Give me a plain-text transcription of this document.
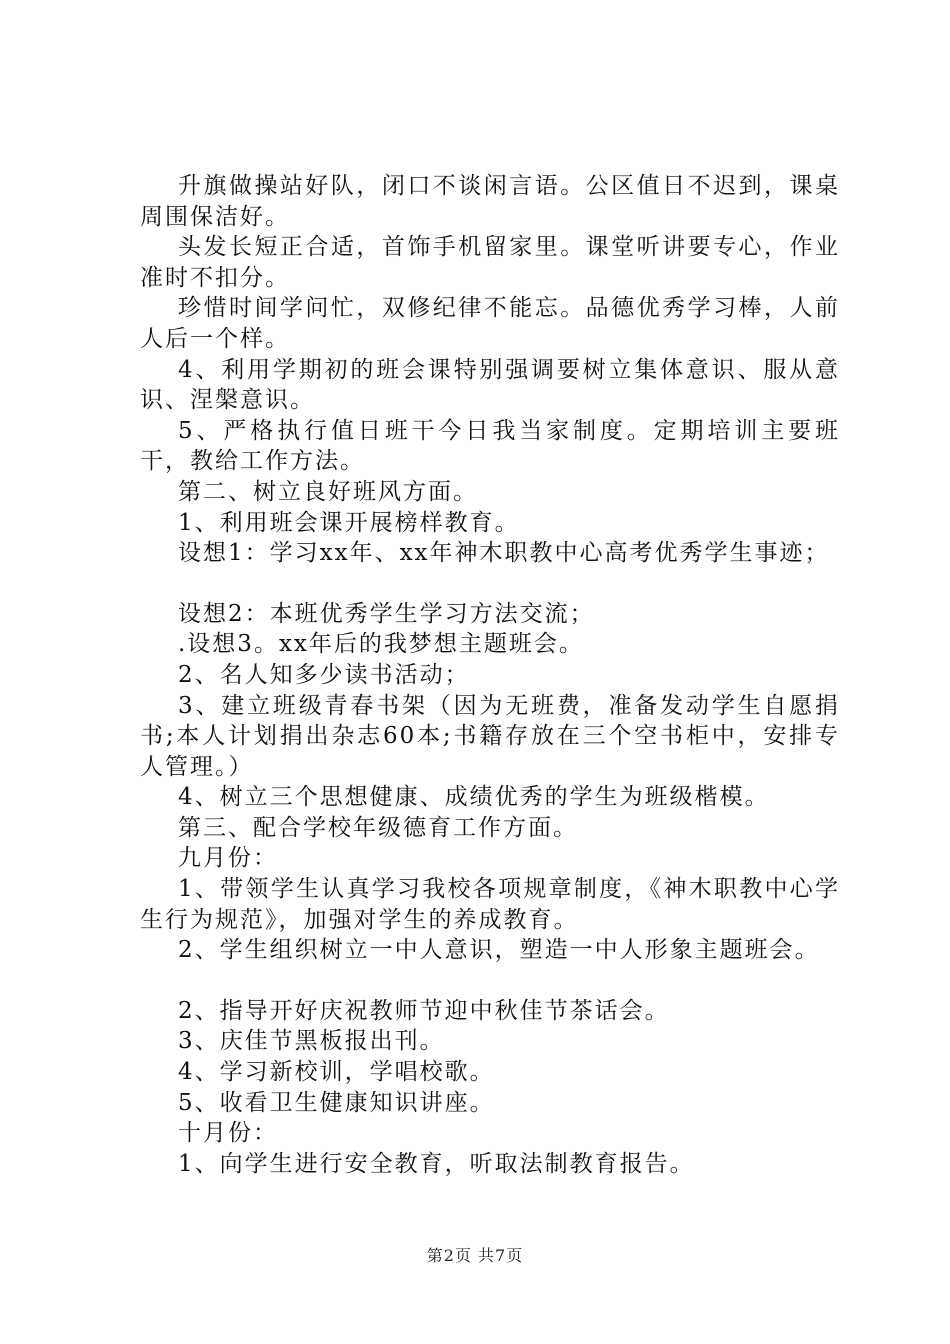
升旗做操站好队，闭口不谈闲言语。公区值日不迟到，课桌周围保洁好。

头发长短正合适，首饰手机留家里。课堂听讲要专心，作业准时不扣分。

珍惜时间学问忙，双修纪律不能忘。品德优秀学习棒，人前人后一个样。

4、利用学期初的班会课特别强调要树立集体意识、服从意识、涅槃意识。

5、严格执行值日班干今日我当家制度。定期培训主要班干，教给工作方法。

第二、树立良好班风方面。

1、利用班会课开展榜样教育。

设想1：学习xx年、xx年神木职教中心高考优秀学生事迹；

设想2：本班优秀学生学习方法交流；

.设想3。xx年后的我梦想主题班会。

2、名人知多少读书活动；

3、建立班级青春书架（因为无班费，准备发动学生自愿捐书;本人计划捐出杂志60本;书籍存放在三个空书柜中，安排专人管理。）

4、树立三个思想健康、成绩优秀的学生为班级楷模。

第三、配合学校年级德育工作方面。

九月份：

1、带领学生认真学习我校各项规章制度，《神木职教中心学生行为规范》，加强对学生的养成教育。

2、学生组织树立一中人意识，塑造一中人形象主题班会。

2、指导开好庆祝教师节迎中秋佳节茶话会。

3、庆佳节黑板报出刊。

4、学习新校训，学唱校歌。

5、收看卫生健康知识讲座。

十月份：

1、向学生进行安全教育，听取法制教育报告。

第2页 共7页
